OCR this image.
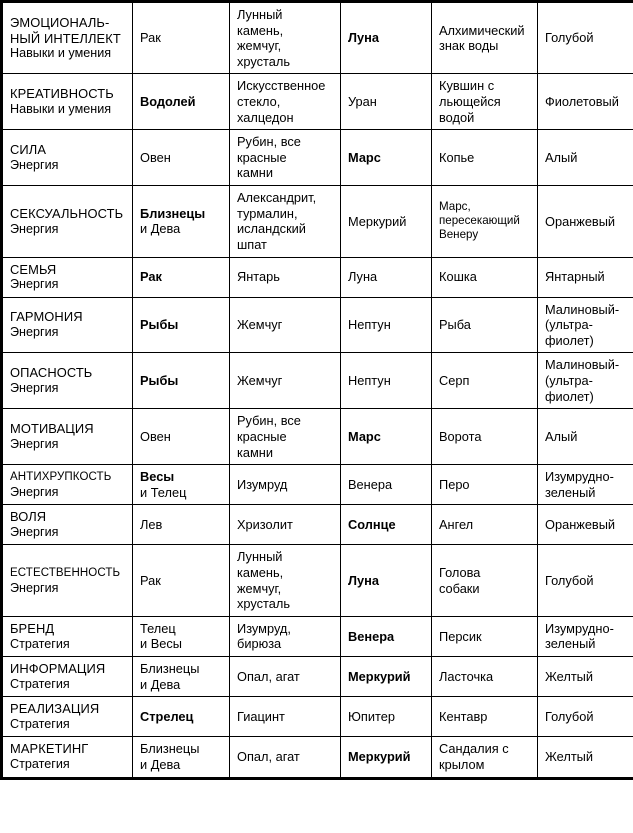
ЭМОЦИОНАЛЬ-
НЫЙ ИНТЕЛЛЕКТ
Навыки и умения	Рак	Лунный
камень,
жемчуг,
хрусталь	Луна	Алхимический
знак воды	Голубой

КРЕАТИВНОСТЬ
Навыки и умения	Водолей	Искусственное
стекло,
халцедон	Уран	Кувшин с
льющейся
водой	Фиолетовый

СИЛА
Энергия	Овен	Рубин, все
красные
камни	Марс	Копье	Алый

СЕКСУАЛЬНОСТЬ
Энергия	Близнецы
и Дева	Александрит,
турмалин,
исландский
шпат	Меркурий	Марс,
пересекающий
Венеру	Оранжевый

СЕМЬЯ
Энергия	Рак	Янтарь	Луна	Кошка	Янтарный

ГАРМОНИЯ
Энергия	Рыбы	Жемчуг	Нептун	Рыба	Малиновый-
(ультра-
фиолет)

ОПАСНОСТЬ
Энергия	Рыбы	Жемчуг	Нептун	Серп	Малиновый-
(ультра-
фиолет)

МОТИВАЦИЯ
Энергия	Овен	Рубин, все
красные
камни	Марс	Ворота	Алый

АНТИХРУПКОСТЬ
Энергия	Весы
и Телец	Изумруд	Венера	Перо	Изумрудно-
зеленый

ВОЛЯ
Энергия	Лев	Хризолит	Солнце	Ангел	Оранжевый

ЕСТЕСТВЕННОСТЬ
Энергия	Рак	Лунный
камень,
жемчуг,
хрусталь	Луна	Голова
собаки	Голубой

БРЕНД
Стратегия	Телец
и Весы	Изумруд,
бирюза	Венера	Персик	Изумрудно-
зеленый

ИНФОРМАЦИЯ
Стратегия	Близнецы
и Дева	Опал, агат	Меркурий	Ласточка	Желтый

РЕАЛИЗАЦИЯ
Стратегия	Стрелец	Гиацинт	Юпитер	Кентавр	Голубой

МАРКЕТИНГ
Стратегия	Близнецы
и Дева	Опал, агат	Меркурий	Сандалия с
крылом	Желтый
